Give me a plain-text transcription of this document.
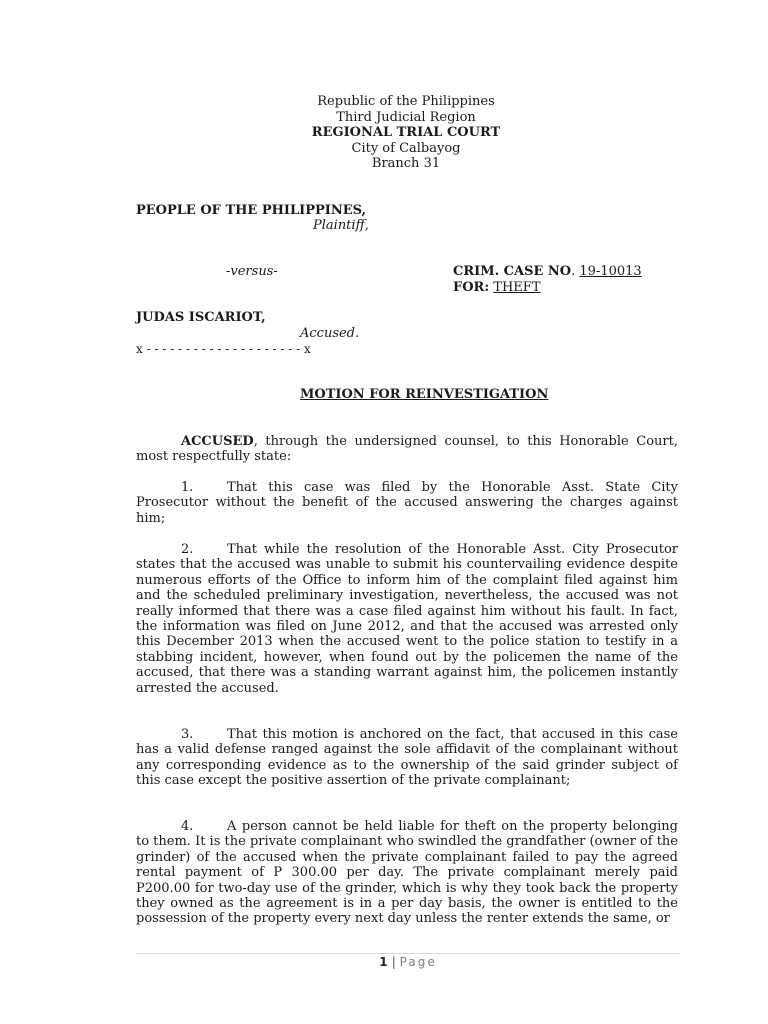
Republic of the Philippines
Third Judicial Region
REGIONAL TRIAL COURT
City of Calbayog
Branch 31
PEOPLE OF THE PHILIPPINES,
Plaintiff,
-versus-	CRIM. CASE NO. 19-10013
FOR: THEFT
JUDAS ISCARIOT,
Accused.
x - - - - - - - - - - - - - - - - - - - - x
MOTION FOR REINVESTIGATION
ACCUSED, through the undersigned counsel, to this Honorable Court, most respectfully state:
1.	That this case was filed by the Honorable Asst. State City Prosecutor without the benefit of the accused answering the charges against him;
2.	That while the resolution of the Honorable Asst. City Prosecutor states that the accused was unable to submit his countervailing evidence despite numerous efforts of the Office to inform him of the complaint filed against him and the scheduled preliminary investigation, nevertheless, the accused was not really informed that there was a case filed against him without his fault. In fact, the information was filed on June 2012, and that the accused was arrested only this December 2013 when the accused went to the police station to testify in a stabbing incident, however, when found out by the policemen the name of the accused, that there was a standing warrant against him, the policemen instantly arrested the accused.
3.	That this motion is anchored on the fact, that accused in this case has a valid defense ranged against the sole affidavit of the complainant without any corresponding evidence as to the ownership of the said grinder subject of this case except the positive assertion of the private complainant;
4.	A person cannot be held liable for theft on the property belonging to them. It is the private complainant who swindled the grandfather (owner of the grinder) of the accused when the private complainant failed to pay the agreed rental payment of P 300.00 per day. The private complainant merely paid P200.00 for two-day use of the grinder, which is why they took back the property they owned as the agreement is in a per day basis, the owner is entitled to the possession of the property every next day unless the renter extends the same, or
1 | Page
